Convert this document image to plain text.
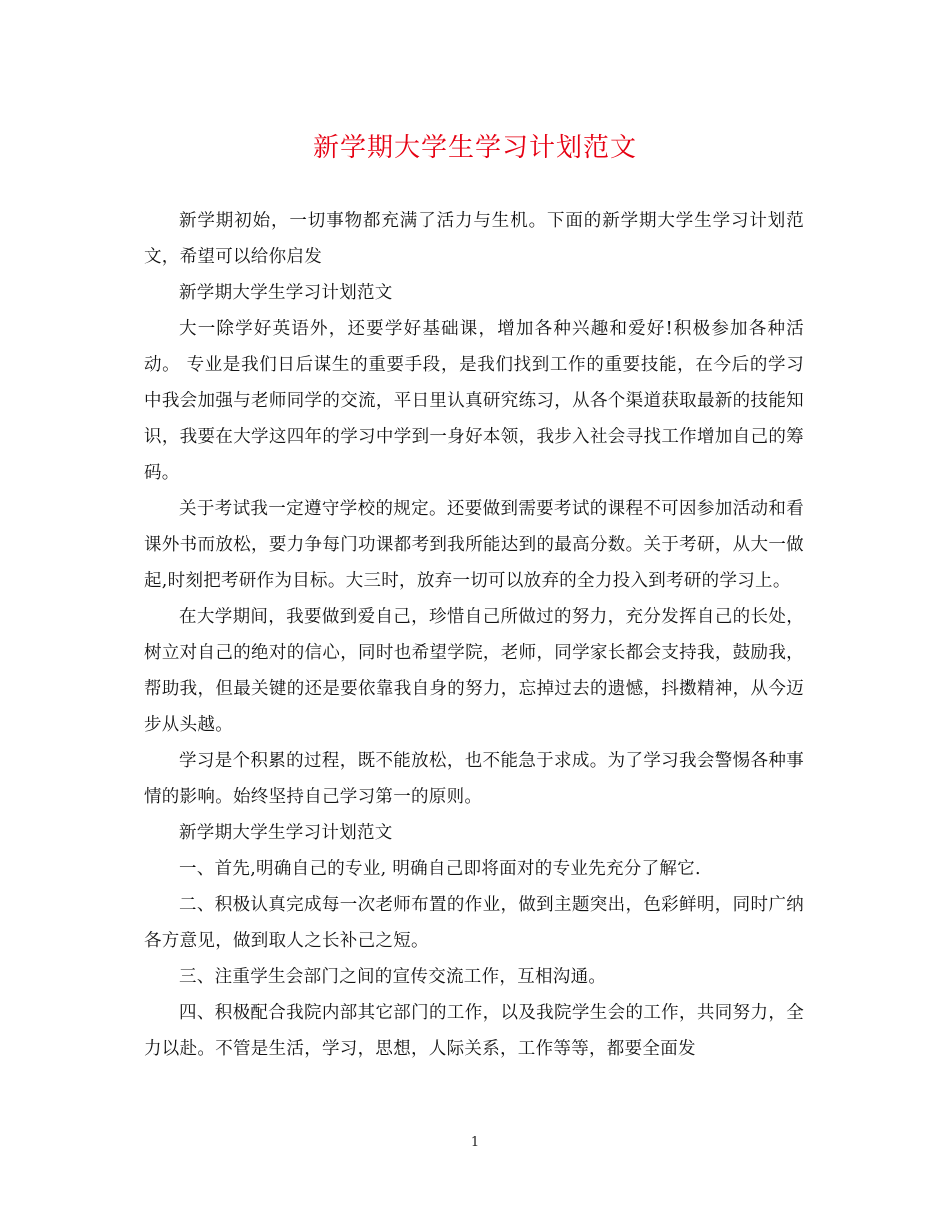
新学期大学生学习计划范文

新学期初始，一切事物都充满了活力与生机。下面的新学期大学生学习计划范文，希望可以给你启发

新学期大学生学习计划范文

大一除学好英语外，还要学好基础课，增加各种兴趣和爱好!积极参加各种活动。 专业是我们日后谋生的重要手段，是我们找到工作的重要技能，在今后的学习中我会加强与老师同学的交流，平日里认真研究练习，从各个渠道获取最新的技能知识，我要在大学这四年的学习中学到一身好本领，我步入社会寻找工作增加自己的筹码。

关于考试我一定遵守学校的规定。还要做到需要考试的课程不可因参加活动和看课外书而放松，要力争每门功课都考到我所能达到的最高分数。关于考研，从大一做起,时刻把考研作为目标。大三时，放弃一切可以放弃的全力投入到考研的学习上。

在大学期间，我要做到爱自己，珍惜自己所做过的努力，充分发挥自己的长处，树立对自己的绝对的信心，同时也希望学院，老师，同学家长都会支持我，鼓励我，帮助我，但最关键的还是要依靠我自身的努力，忘掉过去的遗憾，抖擞精神，从今迈步从头越。

学习是个积累的过程，既不能放松，也不能急于求成。为了学习我会警惕各种事情的影响。始终坚持自己学习第一的原则。

新学期大学生学习计划范文

一、首先,明确自己的专业, 明确自己即将面对的专业先充分了解它.

二、积极认真完成每一次老师布置的作业，做到主题突出，色彩鲜明，同时广纳各方意见，做到取人之长补己之短。

三、注重学生会部门之间的宣传交流工作，互相沟通。

四、积极配合我院内部其它部门的工作，以及我院学生会的工作，共同努力，全力以赴。不管是生活，学习，思想，人际关系，工作等等，都要全面发

1
